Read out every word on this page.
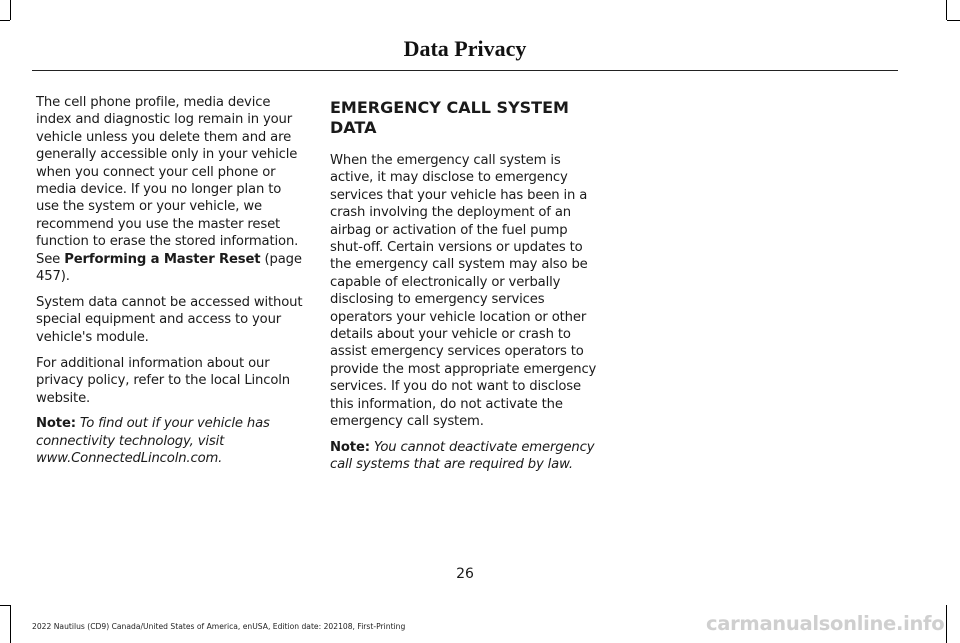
Data Privacy

The cell phone profile, media device index and diagnostic log remain in your vehicle unless you delete them and are generally accessible only in your vehicle when you connect your cell phone or media device. If you no longer plan to use the system or your vehicle, we recommend you use the master reset function to erase the stored information. See Performing a Master Reset (page 457).

System data cannot be accessed without special equipment and access to your vehicle's module.

For additional information about our privacy policy, refer to the local Lincoln website.

Note: To find out if your vehicle has connectivity technology, visit www.ConnectedLincoln.com.

EMERGENCY CALL SYSTEM DATA

When the emergency call system is active, it may disclose to emergency services that your vehicle has been in a crash involving the deployment of an airbag or activation of the fuel pump shut-off. Certain versions or updates to the emergency call system may also be capable of electronically or verbally disclosing to emergency services operators your vehicle location or other details about your vehicle or crash to assist emergency services operators to provide the most appropriate emergency services. If you do not want to disclose this information, do not activate the emergency call system.

Note: You cannot deactivate emergency call systems that are required by law.

26
2022 Nautilus (CD9) Canada/United States of America, enUSA, Edition date: 202108, First-Printing	carmanualsonline.info
